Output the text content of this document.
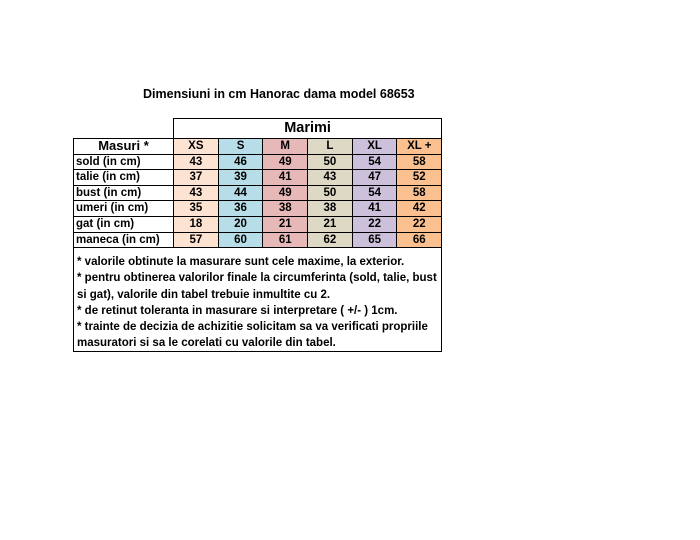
Dimensiuni in cm Hanorac dama model 68653
	Marimi					
Masuri *	XS	S	M	L	XL	XL +
sold (in cm)	43	46	49	50	54	58
talie (in cm)	37	39	41	43	47	52
bust (in cm)	43	44	49	50	54	58
umeri (in cm)	35	36	38	38	41	42
gat (in cm)	18	20	21	21	22	22
maneca (in cm)	57	60	61	62	65	66

* valorile obtinute la masurare sunt cele maxime, la exterior.
* pentru obtinerea valorilor finale la circumferinta (sold, talie, bust si gat), valorile din tabel trebuie inmultite cu 2.
* de retinut toleranta in masurare si interpretare ( +/- ) 1cm.
* trainte de decizia de achizitie solicitam sa va verificati propriile masuratori si sa le corelati cu valorile din tabel.						
